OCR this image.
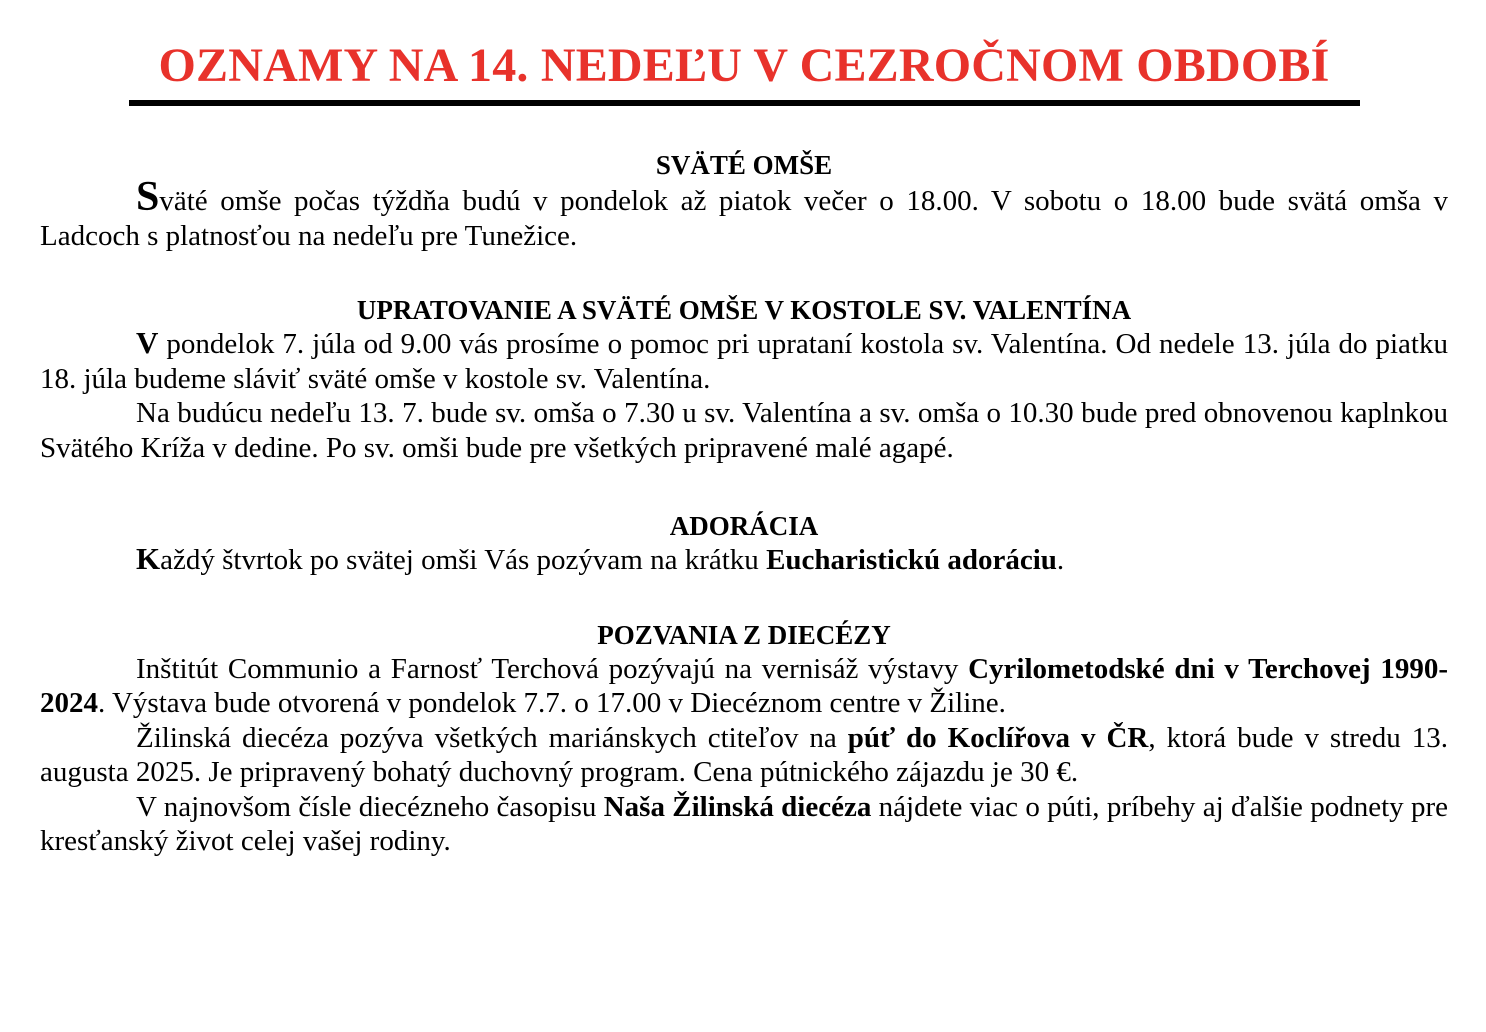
OZNAMY NA 14. NEDEĽU V CEZROČNOM OBDOBÍ
SVÄTÉ OMŠE

Sväté omše počas týždňa budú v pondelok až piatok večer o 18.00. V sobotu o 18.00 bude svätá omša v Ladcoch s platnosťou na nedeľu pre Tunežice.

UPRATOVANIE A SVÄTÉ OMŠE V KOSTOLE SV. VALENTÍNA

V pondelok 7. júla od 9.00 vás prosíme o pomoc pri uprataní kostola sv. Valentína. Od nedele 13. júla do piatku 18. júla budeme sláviť sväté omše v kostole sv. Valentína.

Na budúcu nedeľu 13. 7. bude sv. omša o 7.30 u sv. Valentína a sv. omša o 10.30 bude pred obnovenou kaplnkou Svätého Kríža v dedine. Po sv. omši bude pre všetkých pripravené malé agapé.

ADORÁCIA

Každý štvrtok po svätej omši Vás pozývam na krátku Eucharistickú adoráciu.

POZVANIA Z DIECÉZY

Inštitút Communio a Farnosť Terchová pozývajú na vernisáž výstavy Cyrilometodské dni v Terchovej 1990-2024. Výstava bude otvorená v pondelok 7.7. o 17.00 v Diecéznom centre v Žiline.

Žilinská diecéza pozýva všetkých mariánskych ctiteľov na púť do Koclířova v ČR, ktorá bude v stredu 13. augusta 2025. Je pripravený bohatý duchovný program. Cena pútnického zájazdu je 30 €.

V najnovšom čísle diecézneho časopisu Naša Žilinská diecéza nájdete viac o púti, príbehy aj ďalšie podnety pre kresťanský život celej vašej rodiny.
